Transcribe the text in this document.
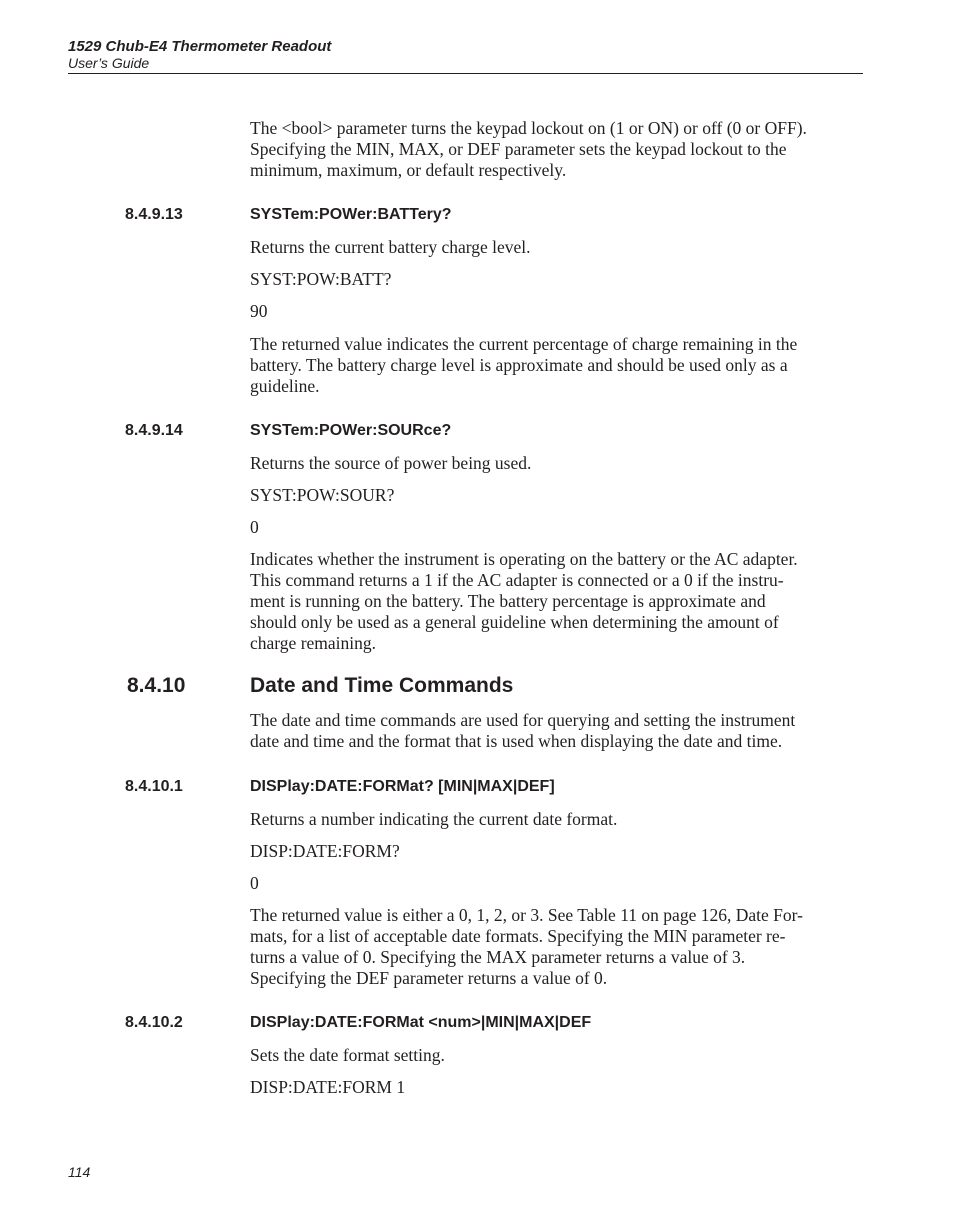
1529 Chub-E4 Thermometer Readout
User’s Guide
The <bool> parameter turns the keypad lockout on (1 or ON) or off (0 or OFF).
Specifying the MIN, MAX, or DEF parameter sets the keypad lockout to the
minimum, maximum, or default respectively.
8.4.9.13	SYSTem:POWer:BATTery?
Returns the current battery charge level.
SYST:POW:BATT?
90
The returned value indicates the current percentage of charge remaining in the
battery. The battery charge level is approximate and should be used only as a
guideline.
8.4.9.14	SYSTem:POWer:SOURce?
Returns the source of power being used.
SYST:POW:SOUR?
0
Indicates whether the instrument is operating on the battery or the AC adapter.
This command returns a 1 if the AC adapter is connected or a 0 if the instru-
ment is running on the battery. The battery percentage is approximate and
should only be used as a general guideline when determining the amount of
charge remaining.
8.4.10	Date and Time Commands
The date and time commands are used for querying and setting the instrument
date and time and the format that is used when displaying the date and time.
8.4.10.1	DISPlay:DATE:FORMat? [MIN|MAX|DEF]
Returns a number indicating the current date format.
DISP:DATE:FORM?
0
The returned value is either a 0, 1, 2, or 3. See Table 11 on page 126, Date For-
mats, for a list of acceptable date formats. Specifying the MIN parameter re-
turns a value of 0. Specifying the MAX parameter returns a value of 3.
Specifying the DEF parameter returns a value of 0.
8.4.10.2	DISPlay:DATE:FORMat <num>|MIN|MAX|DEF
Sets the date format setting.
DISP:DATE:FORM 1
114
